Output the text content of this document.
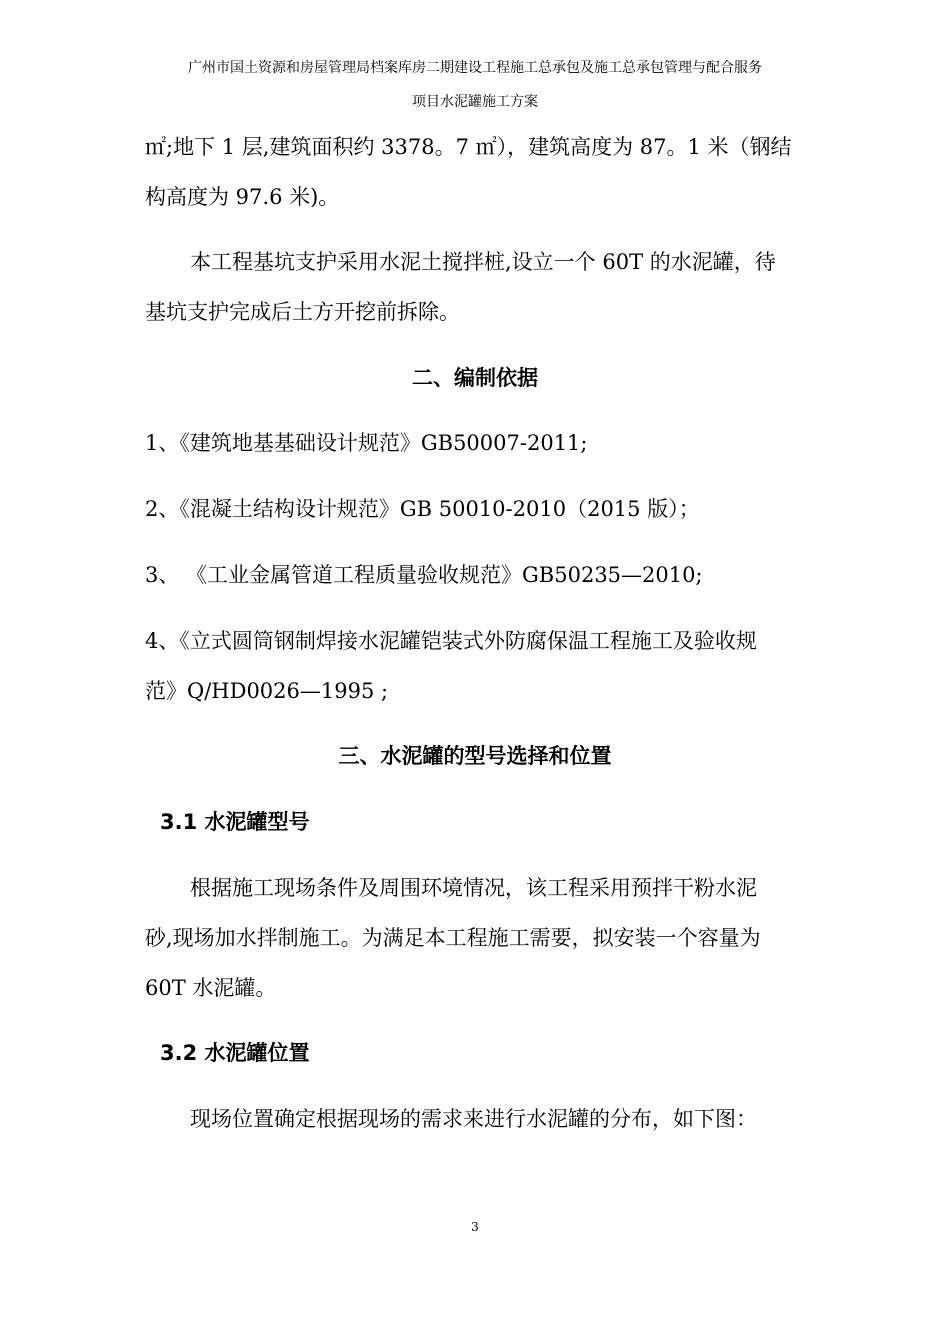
广州市国土资源和房屋管理局档案库房二期建设工程施工总承包及施工总承包管理与配合服务
项目水泥罐施工方案
㎡;地下 1 层,建筑面积约 3378。7 ㎡），建筑高度为 87。1 米（钢结
构高度为 97.6 米)。
本工程基坑支护采用水泥土搅拌桩,设立一个 60T 的水泥罐，待
基坑支护完成后土方开挖前拆除。
二、编制依据
1、《建筑地基基础设计规范》GB50007-2011;
2、《混凝土结构设计规范》GB 50010-2010（2015 版）；
3、 《工业金属管道工程质量验收规范》GB50235—2010;
4、《立式圆筒钢制焊接水泥罐铠装式外防腐保温工程施工及验收规
范》Q/HD0026—1995 ;
三、水泥罐的型号选择和位置
3.1 水泥罐型号
根据施工现场条件及周围环境情况，该工程采用预拌干粉水泥
砂,现场加水拌制施工。为满足本工程施工需要，拟安装一个容量为
60T 水泥罐。
3.2 水泥罐位置
现场位置确定根据现场的需求来进行水泥罐的分布，如下图：
3
